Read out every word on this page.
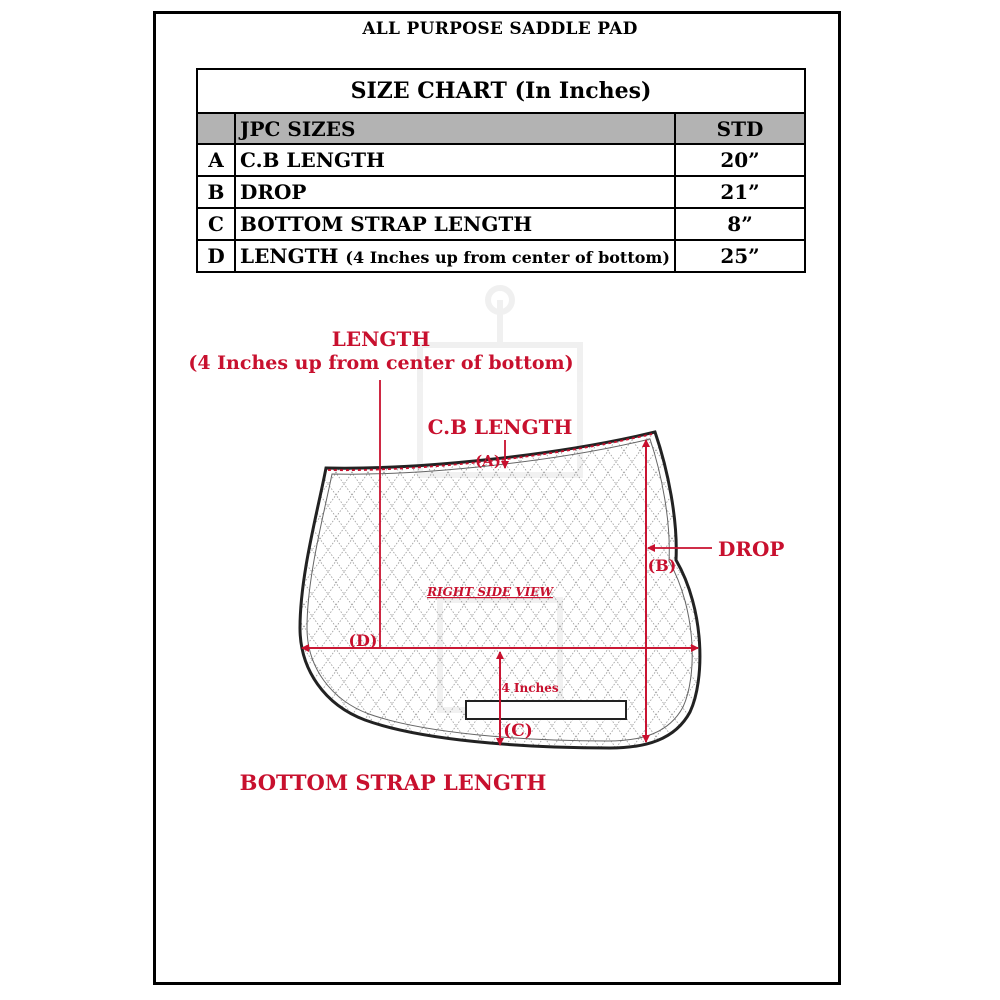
ALL PURPOSE SADDLE PAD
SIZE CHART (In Inches)		
	JPC SIZES	STD
A	C.B LENGTH	20”
B	DROP	21”
C	BOTTOM STRAP LENGTH	8”
D	LENGTH (4 Inches up from center of bottom)	25”
LENGTH
(4 Inches up from center of bottom)
C.B LENGTH
(A)
DROP
(B)
RIGHT SIDE VIEW
(D)
4 Inches
(C)
BOTTOM STRAP LENGTH
